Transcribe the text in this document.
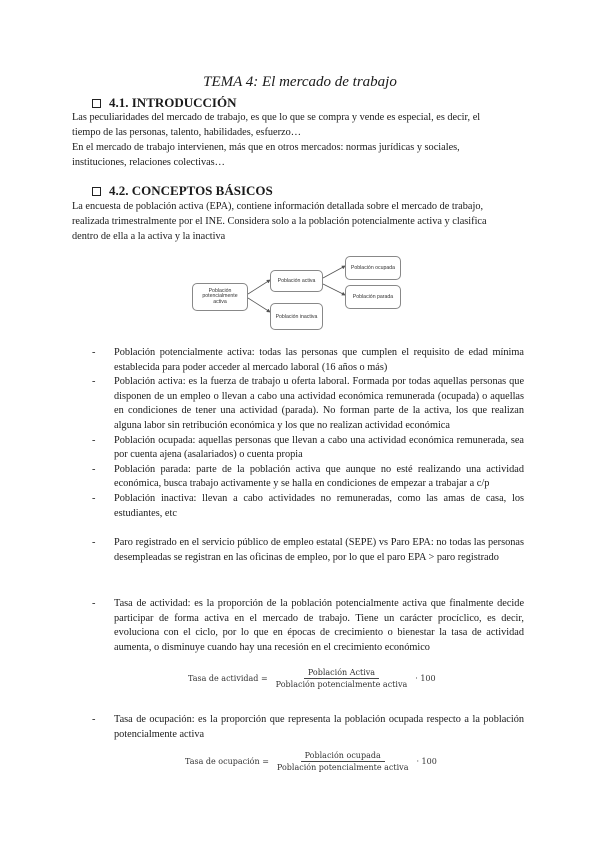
TEMA 4: El mercado de trabajo
4.1. INTRODUCCIÓN

Las peculiaridades del mercado de trabajo, es que lo que se compra y vende es especial, es decir, el
tiempo de las personas, talento, habilidades, esfuerzo…
En el mercado de trabajo intervienen, más que en otros mercados: normas jurídicas y sociales,
instituciones, relaciones colectivas…

4.2. CONCEPTOS BÁSICOS

La encuesta de población activa (EPA), contiene información detallada sobre el mercado de trabajo,
realizada trimestralmente por el INE. Considera solo a la población potencialmente activa y clasifica
dentro de ella a la activa y la inactiva

Población
potencialmente
activa
Población activa
Población inactiva
Población ocupada
Población parada
- Población potencialmente activa: todas las personas que cumplen el requisito de edad mínima establecida para poder acceder al mercado laboral (16 años o más)
- Población activa: es la fuerza de trabajo u oferta laboral. Formada por todas aquellas personas que disponen de un empleo o llevan a cabo una actividad económica remunerada (ocupada) o aquellas en condiciones de tener una actividad (parada). No forman parte de la activa, los que realizan alguna labor sin retribución económica y los que no realizan actividad económica
- Población ocupada: aquellas personas que llevan a cabo una actividad económica remunerada, sea por cuenta ajena (asalariados) o cuenta propia
- Población parada: parte de la población activa que aunque no esté realizando una actividad económica, busca trabajo activamente y se halla en condiciones de empezar a trabajar a c/p
- Población inactiva: llevan a cabo actividades no remuneradas, como las amas de casa, los estudiantes, etc
- Paro registrado en el servicio público de empleo estatal (SEPE) vs Paro EPA: no todas las personas desempleadas se registran en las oficinas de empleo, por lo que el paro EPA > paro registrado
- Tasa de actividad: es la proporción de la población potencialmente activa que finalmente decide participar de forma activa en el mercado de trabajo. Tiene un carácter procíclico, es decir, evoluciona con el ciclo, por lo que en épocas de crecimiento o bienestar la tasa de actividad aumenta, o disminuye cuando hay una recesión en el crecimiento económico
Tasa de actividad = $\frac{\text{Población Activa}}{\text{Población potencialmente activa}} \cdot 100$
- Tasa de ocupación: es la proporción que representa la población ocupada respecto a la población potencialmente activa
Tasa de ocupación = $\frac{\text{Población ocupada}}{\text{Población potencialmente activa}} \cdot 100$
